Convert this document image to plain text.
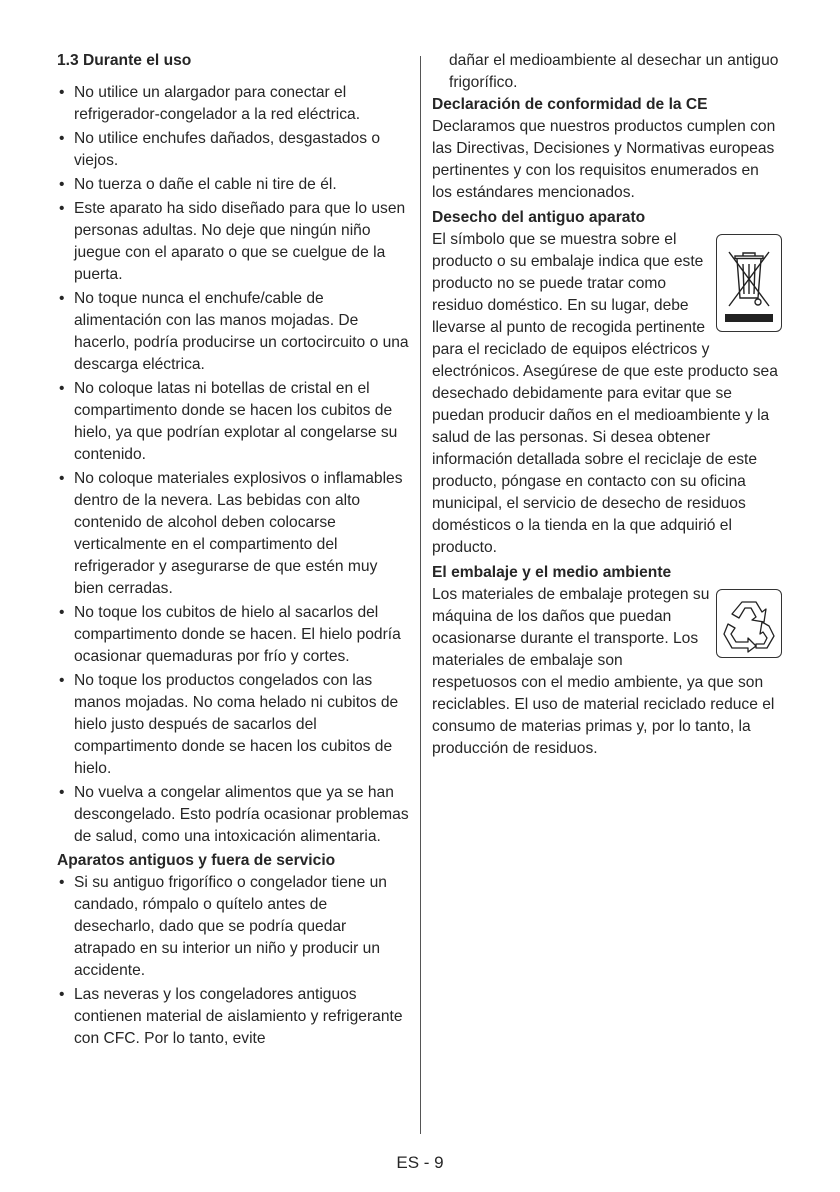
1.3 Durante el uso
• No utilice un alargador para conectar el refrigerador-congelador a la red eléctrica.
• No utilice enchufes dañados, desgastados o viejos.
• No tuerza o dañe el cable ni tire de él.
• Este aparato ha sido diseñado para que lo usen personas adultas. No deje que ningún niño juegue con el aparato o que se cuelgue de la puerta.
• No toque nunca el enchufe/cable de alimentación con las manos mojadas. De hacerlo, podría producirse un cortocircuito o una descarga eléctrica.
• No coloque latas ni botellas de cristal en el compartimento donde se hacen los cubitos de hielo, ya que podrían explotar al congelarse su contenido.
• No coloque materiales explosivos o inflamables dentro de la nevera. Las bebidas con alto contenido de alcohol deben colocarse verticalmente en el compartimento del refrigerador y asegurarse de que estén muy bien cerradas.
• No toque los cubitos de hielo al sacarlos del compartimento donde se hacen. El hielo podría ocasionar quemaduras por frío y cortes.
• No toque los productos congelados con las manos mojadas. No coma helado ni cubitos de hielo justo después de sacarlos del compartimento donde se hacen los cubitos de hielo.
• No vuelva a congelar alimentos que ya se han descongelado. Esto podría ocasionar problemas de salud, como una intoxicación alimentaria.
Aparatos antiguos y fuera de servicio
• Si su antiguo frigorífico o congelador tiene un candado, rómpalo o quítelo antes de desecharlo, dado que se podría quedar atrapado en su interior un niño y producir un accidente.
• Las neveras y los congeladores antiguos contienen material de aislamiento y refrigerante con CFC. Por lo tanto, evite
dañar el medioambiente al desechar un antiguo frigorífico.
Declaración de conformidad de la CE

Declaramos que nuestros productos cumplen con las Directivas, Decisiones y Normativas europeas pertinentes y con los requisitos enumerados en los estándares mencionados.

Desecho del antiguo aparato

El símbolo que se muestra sobre el producto o su embalaje indica que este producto no se puede tratar como residuo doméstico. En su lugar, debe llevarse al punto de recogida pertinente para el reciclado de equipos eléctricos y electrónicos. Asegúrese de que este producto sea desechado debidamente para evitar que se puedan producir daños en el medioambiente y la salud de las personas. Si desea obtener información detallada sobre el reciclaje de este producto, póngase en contacto con su oficina municipal, el servicio de desecho de residuos domésticos o la tienda en la que adquirió el producto.

El embalaje y el medio ambiente

Los materiales de embalaje protegen su máquina de los daños que puedan ocasionarse durante el transporte. Los materiales de embalaje son respetuosos con el medio ambiente, ya que son reciclables. El uso de material reciclado reduce el consumo de materias primas y, por lo tanto, la producción de residuos.

ES - 9
